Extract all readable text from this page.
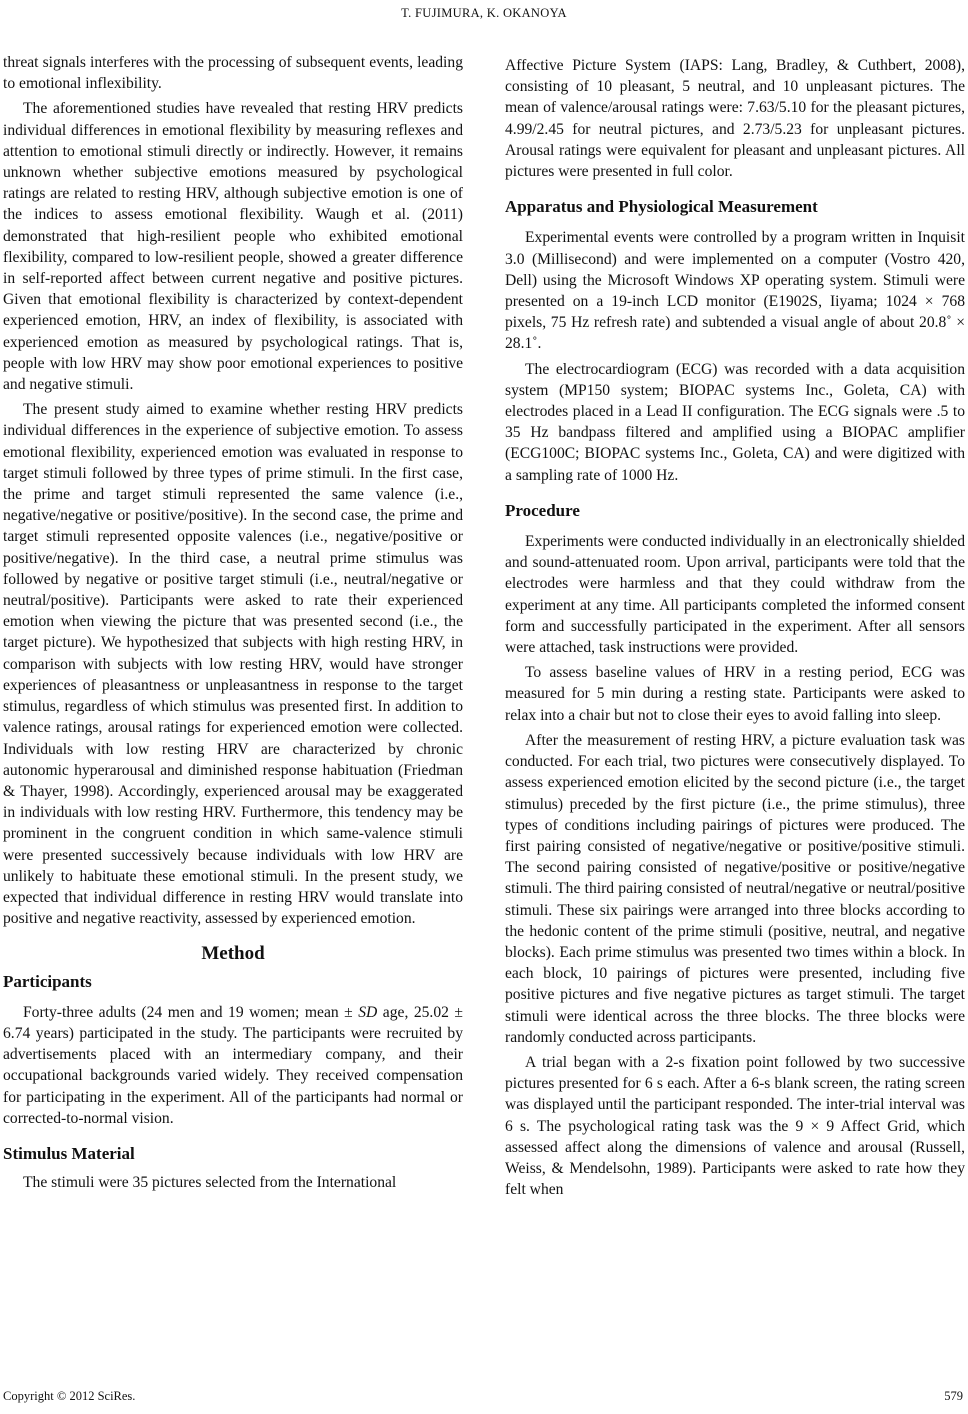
T. FUJIMURA, K. OKANOYA

threat signals interferes with the processing of subsequent events, leading to emotional inflexibility.

The aforementioned studies have revealed that resting HRV predicts individual differences in emotional flexibility by measuring reflexes and attention to emotional stimuli directly or indirectly. However, it remains unknown whether subjective emotions measured by psychological ratings are related to resting HRV, although subjective emotion is one of the indices to assess emotional flexibility. Waugh et al. (2011) demonstrated that high-resilient people who exhibited emotional flexibility, compared to low-resilient people, showed a greater difference in self-reported affect between current negative and positive pictures. Given that emotional flexibility is characterized by context-dependent experienced emotion, HRV, an index of flexibility, is associated with experienced emotion as measured by psychological ratings. That is, people with low HRV may show poor emotional experiences to positive and negative stimuli.

The present study aimed to examine whether resting HRV predicts individual differences in the experience of subjective emotion. To assess emotional flexibility, experienced emotion was evaluated in response to target stimuli followed by three types of prime stimuli. In the first case, the prime and target stimuli represented the same valence (i.e., negative/negative or positive/positive). In the second case, the prime and target stimuli represented opposite valences (i.e., negative/positive or positive/negative). In the third case, a neutral prime stimulus was followed by negative or positive target stimuli (i.e., neutral/negative or neutral/positive). Participants were asked to rate their experienced emotion when viewing the picture that was presented second (i.e., the target picture). We hypothesized that subjects with high resting HRV, in comparison with subjects with low resting HRV, would have stronger experiences of pleasantness or unpleasantness in response to the target stimulus, regardless of which stimulus was presented first. In addition to valence ratings, arousal ratings for experienced emotion were collected. Individuals with low resting HRV are characterized by chronic autonomic hyperarousal and diminished response habituation (Friedman & Thayer, 1998). Accordingly, experienced arousal may be exaggerated in individuals with low resting HRV. Furthermore, this tendency may be prominent in the congruent condition in which same-valence stimuli were presented successively because individuals with low HRV are unlikely to habituate these emotional stimuli. In the present study, we expected that individual difference in resting HRV would translate into positive and negative reactivity, assessed by experienced emotion.

Method
Participants

Forty-three adults (24 men and 19 women; mean ± SD age, 25.02 ± 6.74 years) participated in the study. The participants were recruited by advertisements placed with an intermediary company, and their occupational backgrounds varied widely. They received compensation for participating in the experiment. All of the participants had normal or corrected-to-normal vision.

Stimulus Material

The stimuli were 35 pictures selected from the International

Affective Picture System (IAPS: Lang, Bradley, & Cuthbert, 2008), consisting of 10 pleasant, 5 neutral, and 10 unpleasant pictures. The mean of valence/arousal ratings were: 7.63/5.10 for the pleasant pictures, 4.99/2.45 for neutral pictures, and 2.73/5.23 for unpleasant pictures. Arousal ratings were equivalent for pleasant and unpleasant pictures. All pictures were presented in full color.

Apparatus and Physiological Measurement

Experimental events were controlled by a program written in Inquisit 3.0 (Millisecond) and were implemented on a computer (Vostro 420, Dell) using the Microsoft Windows XP operating system. Stimuli were presented on a 19-inch LCD monitor (E1902S, Iiyama; 1024 × 768 pixels, 75 Hz refresh rate) and subtended a visual angle of about 20.8˚ × 28.1˚.

The electrocardiogram (ECG) was recorded with a data acquisition system (MP150 system; BIOPAC systems Inc., Goleta, CA) with electrodes placed in a Lead II configuration. The ECG signals were .5 to 35 Hz bandpass filtered and amplified using a BIOPAC amplifier (ECG100C; BIOPAC systems Inc., Goleta, CA) and were digitized with a sampling rate of 1000 Hz.

Procedure

Experiments were conducted individually in an electronically shielded and sound-attenuated room. Upon arrival, participants were told that the electrodes were harmless and that they could withdraw from the experiment at any time. All participants completed the informed consent form and successfully participated in the experiment. After all sensors were attached, task instructions were provided.

To assess baseline values of HRV in a resting period, ECG was measured for 5 min during a resting state. Participants were asked to relax into a chair but not to close their eyes to avoid falling into sleep.

After the measurement of resting HRV, a picture evaluation task was conducted. For each trial, two pictures were consecutively displayed. To assess experienced emotion elicited by the second picture (i.e., the target stimulus) preceded by the first picture (i.e., the prime stimulus), three types of conditions including pairings of pictures were produced. The first pairing consisted of negative/negative or positive/positive stimuli. The second pairing consisted of negative/positive or positive/negative stimuli. The third pairing consisted of neutral/negative or neutral/positive stimuli. These six pairings were arranged into three blocks according to the hedonic content of the prime stimuli (positive, neutral, and negative blocks). Each prime stimulus was presented two times within a block. In each block, 10 pairings of pictures were presented, including five positive pictures and five negative pictures as target stimuli. The target stimuli were identical across the three blocks. The three blocks were randomly conducted across participants.

A trial began with a 2-s fixation point followed by two successive pictures presented for 6 s each. After a 6-s blank screen, the rating screen was displayed until the participant responded. The inter-trial interval was 6 s. The psychological rating task was the 9 × 9 Affect Grid, which assessed affect along the dimensions of valence and arousal (Russell, Weiss, & Mendelsohn, 1989). Participants were asked to rate how they felt when

Copyright © 2012 SciRes.	579
